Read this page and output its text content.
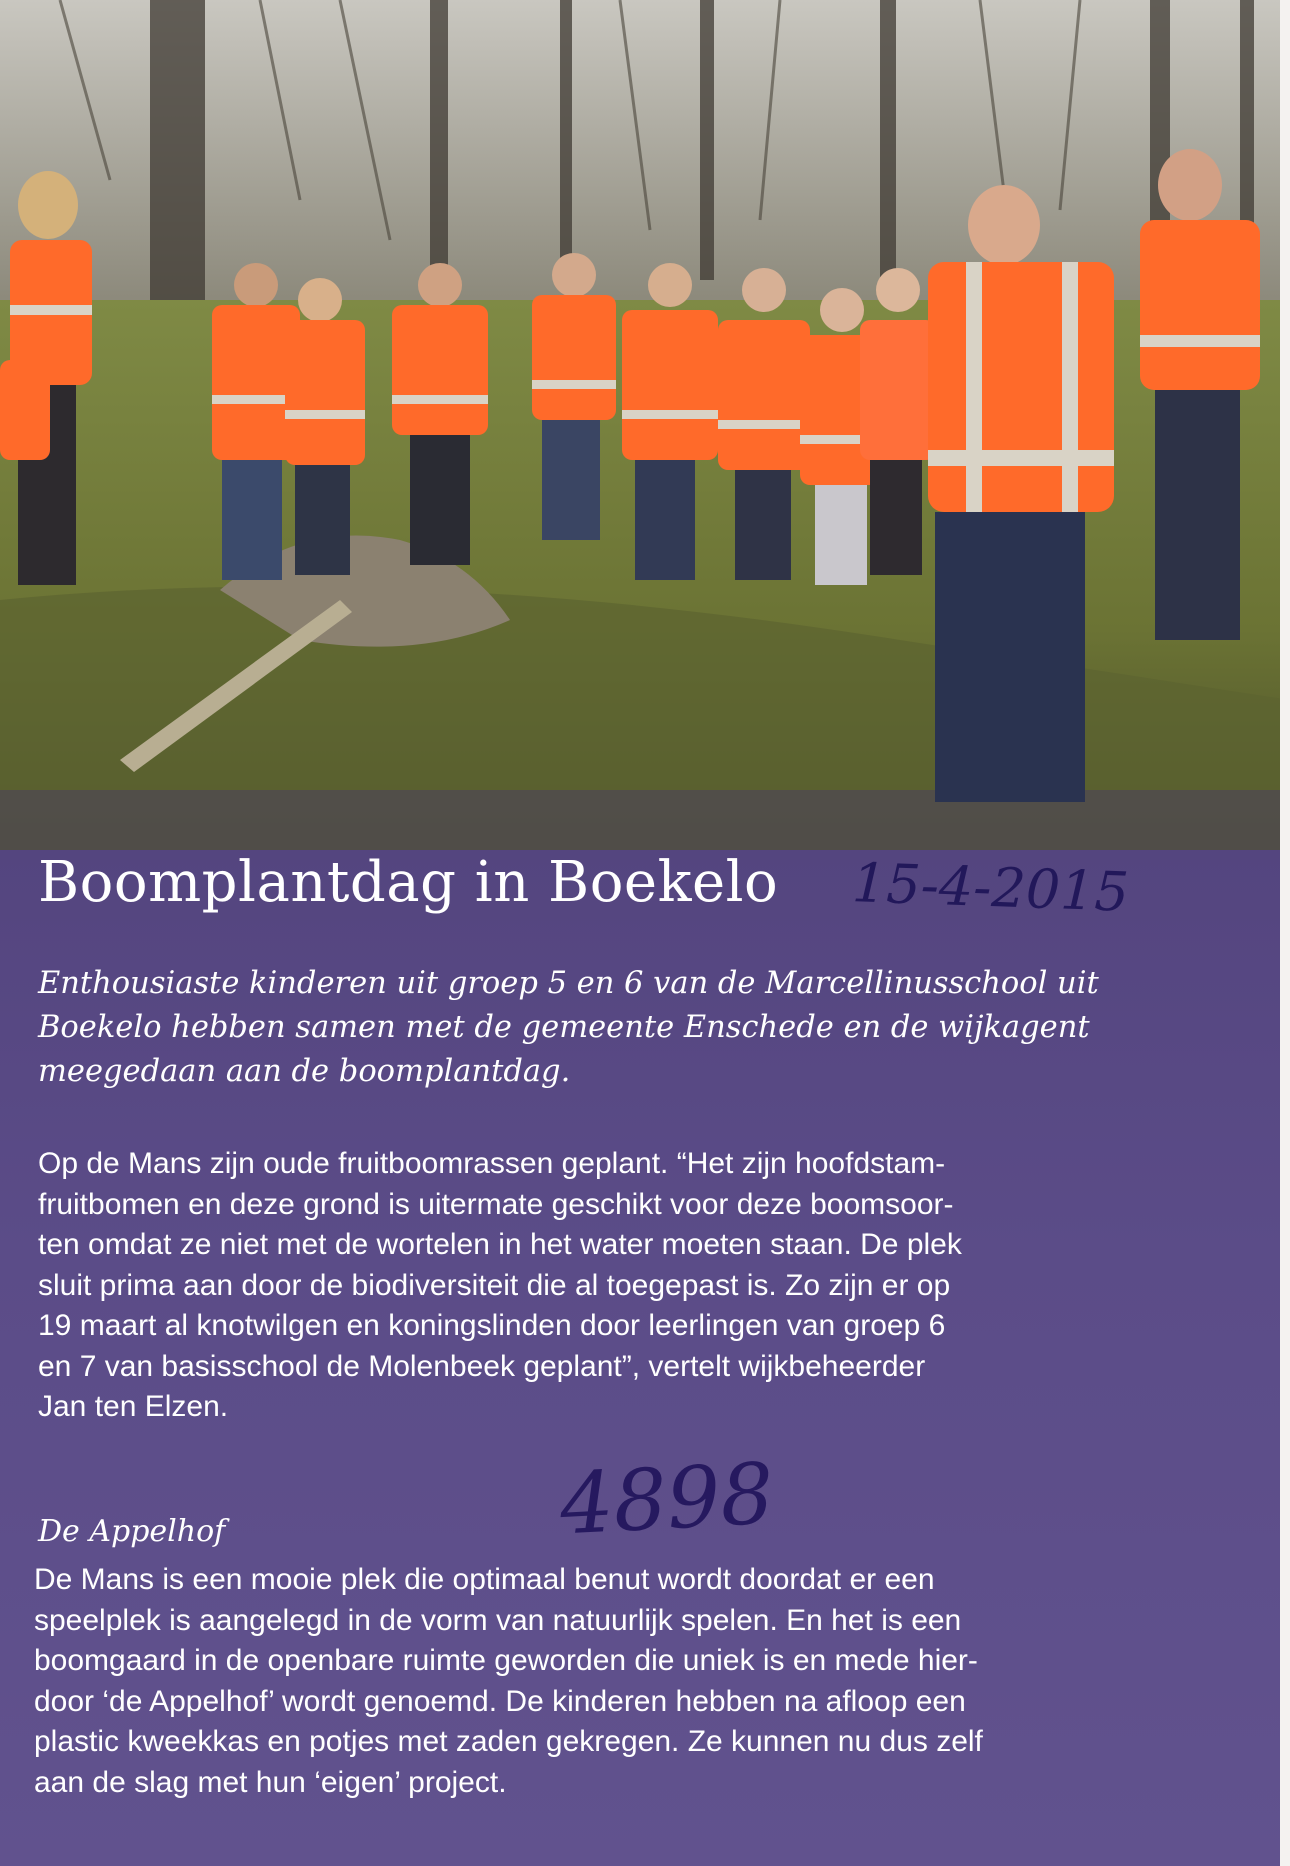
Boomplantdag in Boekelo 15-4-2015

Enthousiaste kinderen uit groep 5 en 6 van de Marcellinusschool uit
Boekelo hebben samen met de gemeente Enschede en de wijkagent
meegedaan aan de boomplantdag.

Op de Mans zijn oude fruitboomrassen geplant. “Het zijn hoofdstam-
fruitbomen en deze grond is uitermate geschikt voor deze boomsoor-
ten omdat ze niet met de wortelen in het water moeten staan. De plek
sluit prima aan door de biodiversiteit die al toegepast is. Zo zijn er op
19 maart al knotwilgen en koningslinden door leerlingen van groep 6
en 7 van basisschool de Molenbeek geplant”, vertelt wijkbeheerder
Jan ten Elzen.

4898

De Appelhof

De Mans is een mooie plek die optimaal benut wordt doordat er een
speelplek is aangelegd in de vorm van natuurlijk spelen. En het is een
boomgaard in de openbare ruimte geworden die uniek is en mede hier-
door ‘de Appelhof’ wordt genoemd. De kinderen hebben na afloop een
plastic kweekkas en potjes met zaden gekregen. Ze kunnen nu dus zelf
aan de slag met hun ‘eigen’ project.
